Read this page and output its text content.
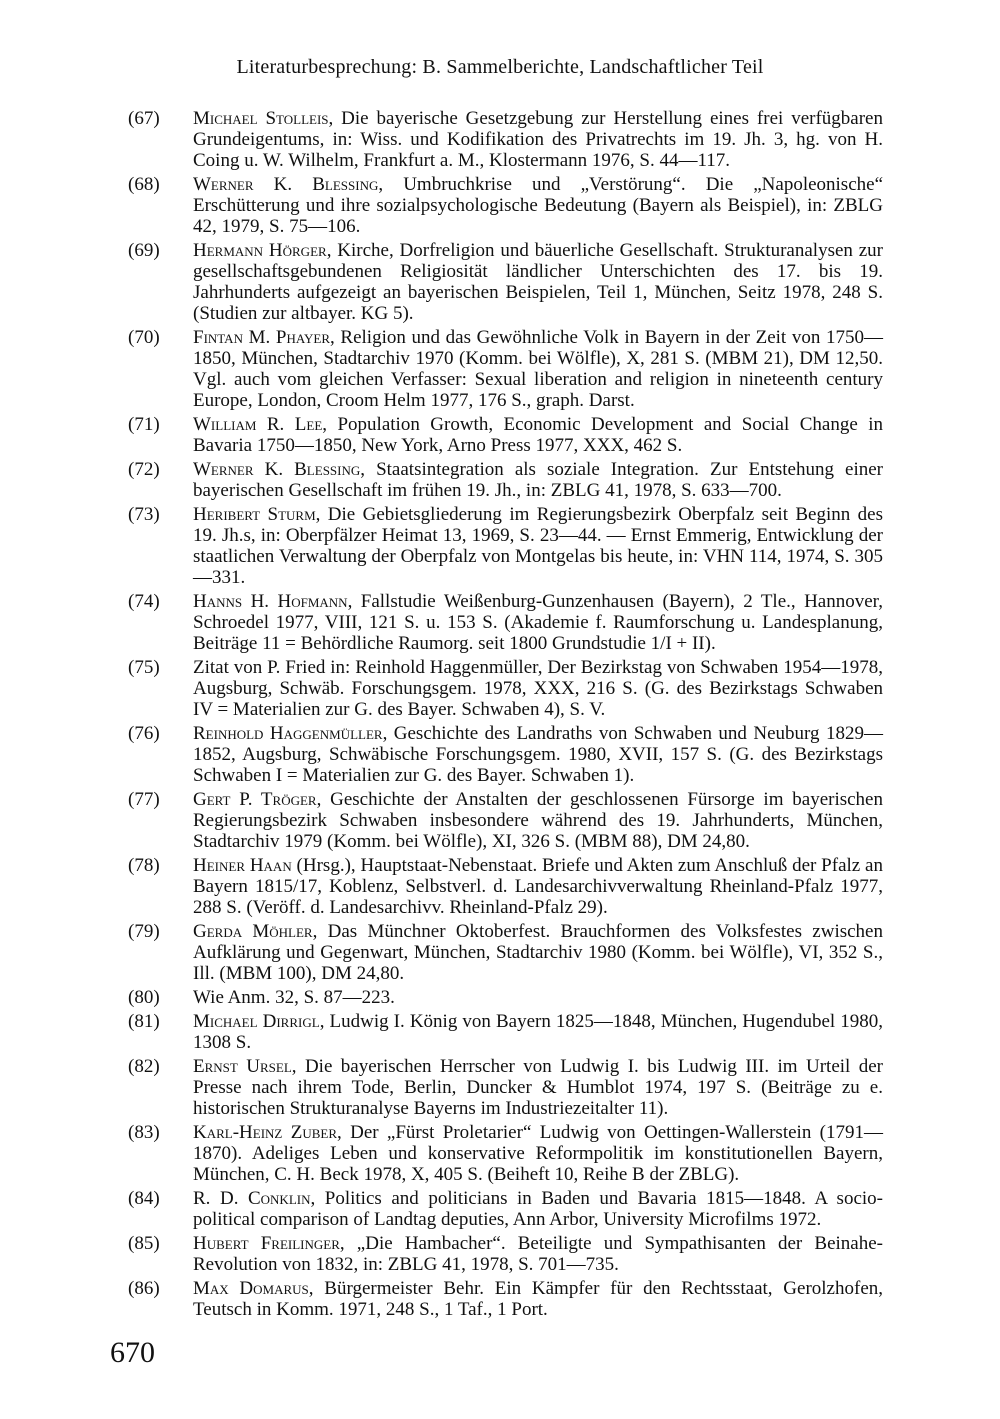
Literaturbesprechung: B. Sammelberichte, Landschaftlicher Teil
(67) Michael Stolleis, Die bayerische Gesetzgebung zur Herstellung eines frei verfügbaren Grundeigentums, in: Wiss. und Kodifikation des Privatrechts im 19. Jh. 3, hg. von H. Coing u. W. Wilhelm, Frankfurt a. M., Klostermann 1976, S. 44—117.
(68) Werner K. Blessing, Umbruchkrise und „Verstörung“. Die „Napoleonische“ Erschütterung und ihre sozialpsychologische Bedeutung (Bayern als Beispiel), in: ZBLG 42, 1979, S. 75—106.
(69) Hermann Hörger, Kirche, Dorfreligion und bäuerliche Gesellschaft. Strukturanalysen zur gesellschaftsgebundenen Religiosität ländlicher Unterschichten des 17. bis 19. Jahrhunderts aufgezeigt an bayerischen Beispielen, Teil 1, München, Seitz 1978, 248 S. (Studien zur altbayer. KG 5).
(70) Fintan M. Phayer, Religion und das Gewöhnliche Volk in Bayern in der Zeit von 1750—1850, München, Stadtarchiv 1970 (Komm. bei Wölfle), X, 281 S. (MBM 21), DM 12,50. Vgl. auch vom gleichen Verfasser: Sexual liberation and religion in nineteenth century Europe, London, Croom Helm 1977, 176 S., graph. Darst.
(71) William R. Lee, Population Growth, Economic Development and Social Change in Bavaria 1750—1850, New York, Arno Press 1977, XXX, 462 S.
(72) Werner K. Blessing, Staatsintegration als soziale Integration. Zur Entstehung einer bayerischen Gesellschaft im frühen 19. Jh., in: ZBLG 41, 1978, S. 633—700.
(73) Heribert Sturm, Die Gebietsgliederung im Regierungsbezirk Oberpfalz seit Beginn des 19. Jh.s, in: Oberpfälzer Heimat 13, 1969, S. 23—44. — Ernst Emmerig, Entwicklung der staatlichen Verwaltung der Oberpfalz von Montgelas bis heute, in: VHN 114, 1974, S. 305—331.
(74) Hanns H. Hofmann, Fallstudie Weißenburg-Gunzenhausen (Bayern), 2 Tle., Hannover, Schroedel 1977, VIII, 121 S. u. 153 S. (Akademie f. Raumforschung u. Landesplanung, Beiträge 11 = Behördliche Raumorg. seit 1800 Grundstudie 1/I + II).
(75) Zitat von P. Fried in: Reinhold Haggenmüller, Der Bezirkstag von Schwaben 1954—1978, Augsburg, Schwäb. Forschungsgem. 1978, XXX, 216 S. (G. des Bezirkstags Schwaben IV = Materialien zur G. des Bayer. Schwaben 4), S. V.
(76) Reinhold Haggenmüller, Geschichte des Landraths von Schwaben und Neuburg 1829—1852, Augsburg, Schwäbische Forschungsgem. 1980, XVII, 157 S. (G. des Bezirkstags Schwaben I = Materialien zur G. des Bayer. Schwaben 1).
(77) Gert P. Tröger, Geschichte der Anstalten der geschlossenen Fürsorge im bayerischen Regierungsbezirk Schwaben insbesondere während des 19. Jahrhunderts, München, Stadtarchiv 1979 (Komm. bei Wölfle), XI, 326 S. (MBM 88), DM 24,80.
(78) Heiner Haan (Hrsg.), Hauptstaat-Nebenstaat. Briefe und Akten zum Anschluß der Pfalz an Bayern 1815/17, Koblenz, Selbstverl. d. Landesarchivverwaltung Rheinland-Pfalz 1977, 288 S. (Veröff. d. Landesarchivv. Rheinland-Pfalz 29).
(79) Gerda Möhler, Das Münchner Oktoberfest. Brauchformen des Volksfestes zwischen Aufklärung und Gegenwart, München, Stadtarchiv 1980 (Komm. bei Wölfle), VI, 352 S., Ill. (MBM 100), DM 24,80.
(80) Wie Anm. 32, S. 87—223.
(81) Michael Dirrigl, Ludwig I. König von Bayern 1825—1848, München, Hugendubel 1980, 1308 S.
(82) Ernst Ursel, Die bayerischen Herrscher von Ludwig I. bis Ludwig III. im Urteil der Presse nach ihrem Tode, Berlin, Duncker & Humblot 1974, 197 S. (Beiträge zu e. historischen Strukturanalyse Bayerns im Industriezeitalter 11).
(83) Karl-Heinz Zuber, Der „Fürst Proletarier“ Ludwig von Oettingen-Wallerstein (1791—1870). Adeliges Leben und konservative Reformpolitik im konstitutionellen Bayern, München, C. H. Beck 1978, X, 405 S. (Beiheft 10, Reihe B der ZBLG).
(84) R. D. Conklin, Politics and politicians in Baden und Bavaria 1815—1848. A socio-political comparison of Landtag deputies, Ann Arbor, University Microfilms 1972.
(85) Hubert Freilinger, „Die Hambacher“. Beteiligte und Sympathisanten der Beinahe-Revolution von 1832, in: ZBLG 41, 1978, S. 701—735.
(86) Max Domarus, Bürgermeister Behr. Ein Kämpfer für den Rechtsstaat, Gerolzhofen, Teutsch in Komm. 1971, 248 S., 1 Taf., 1 Port.
670
